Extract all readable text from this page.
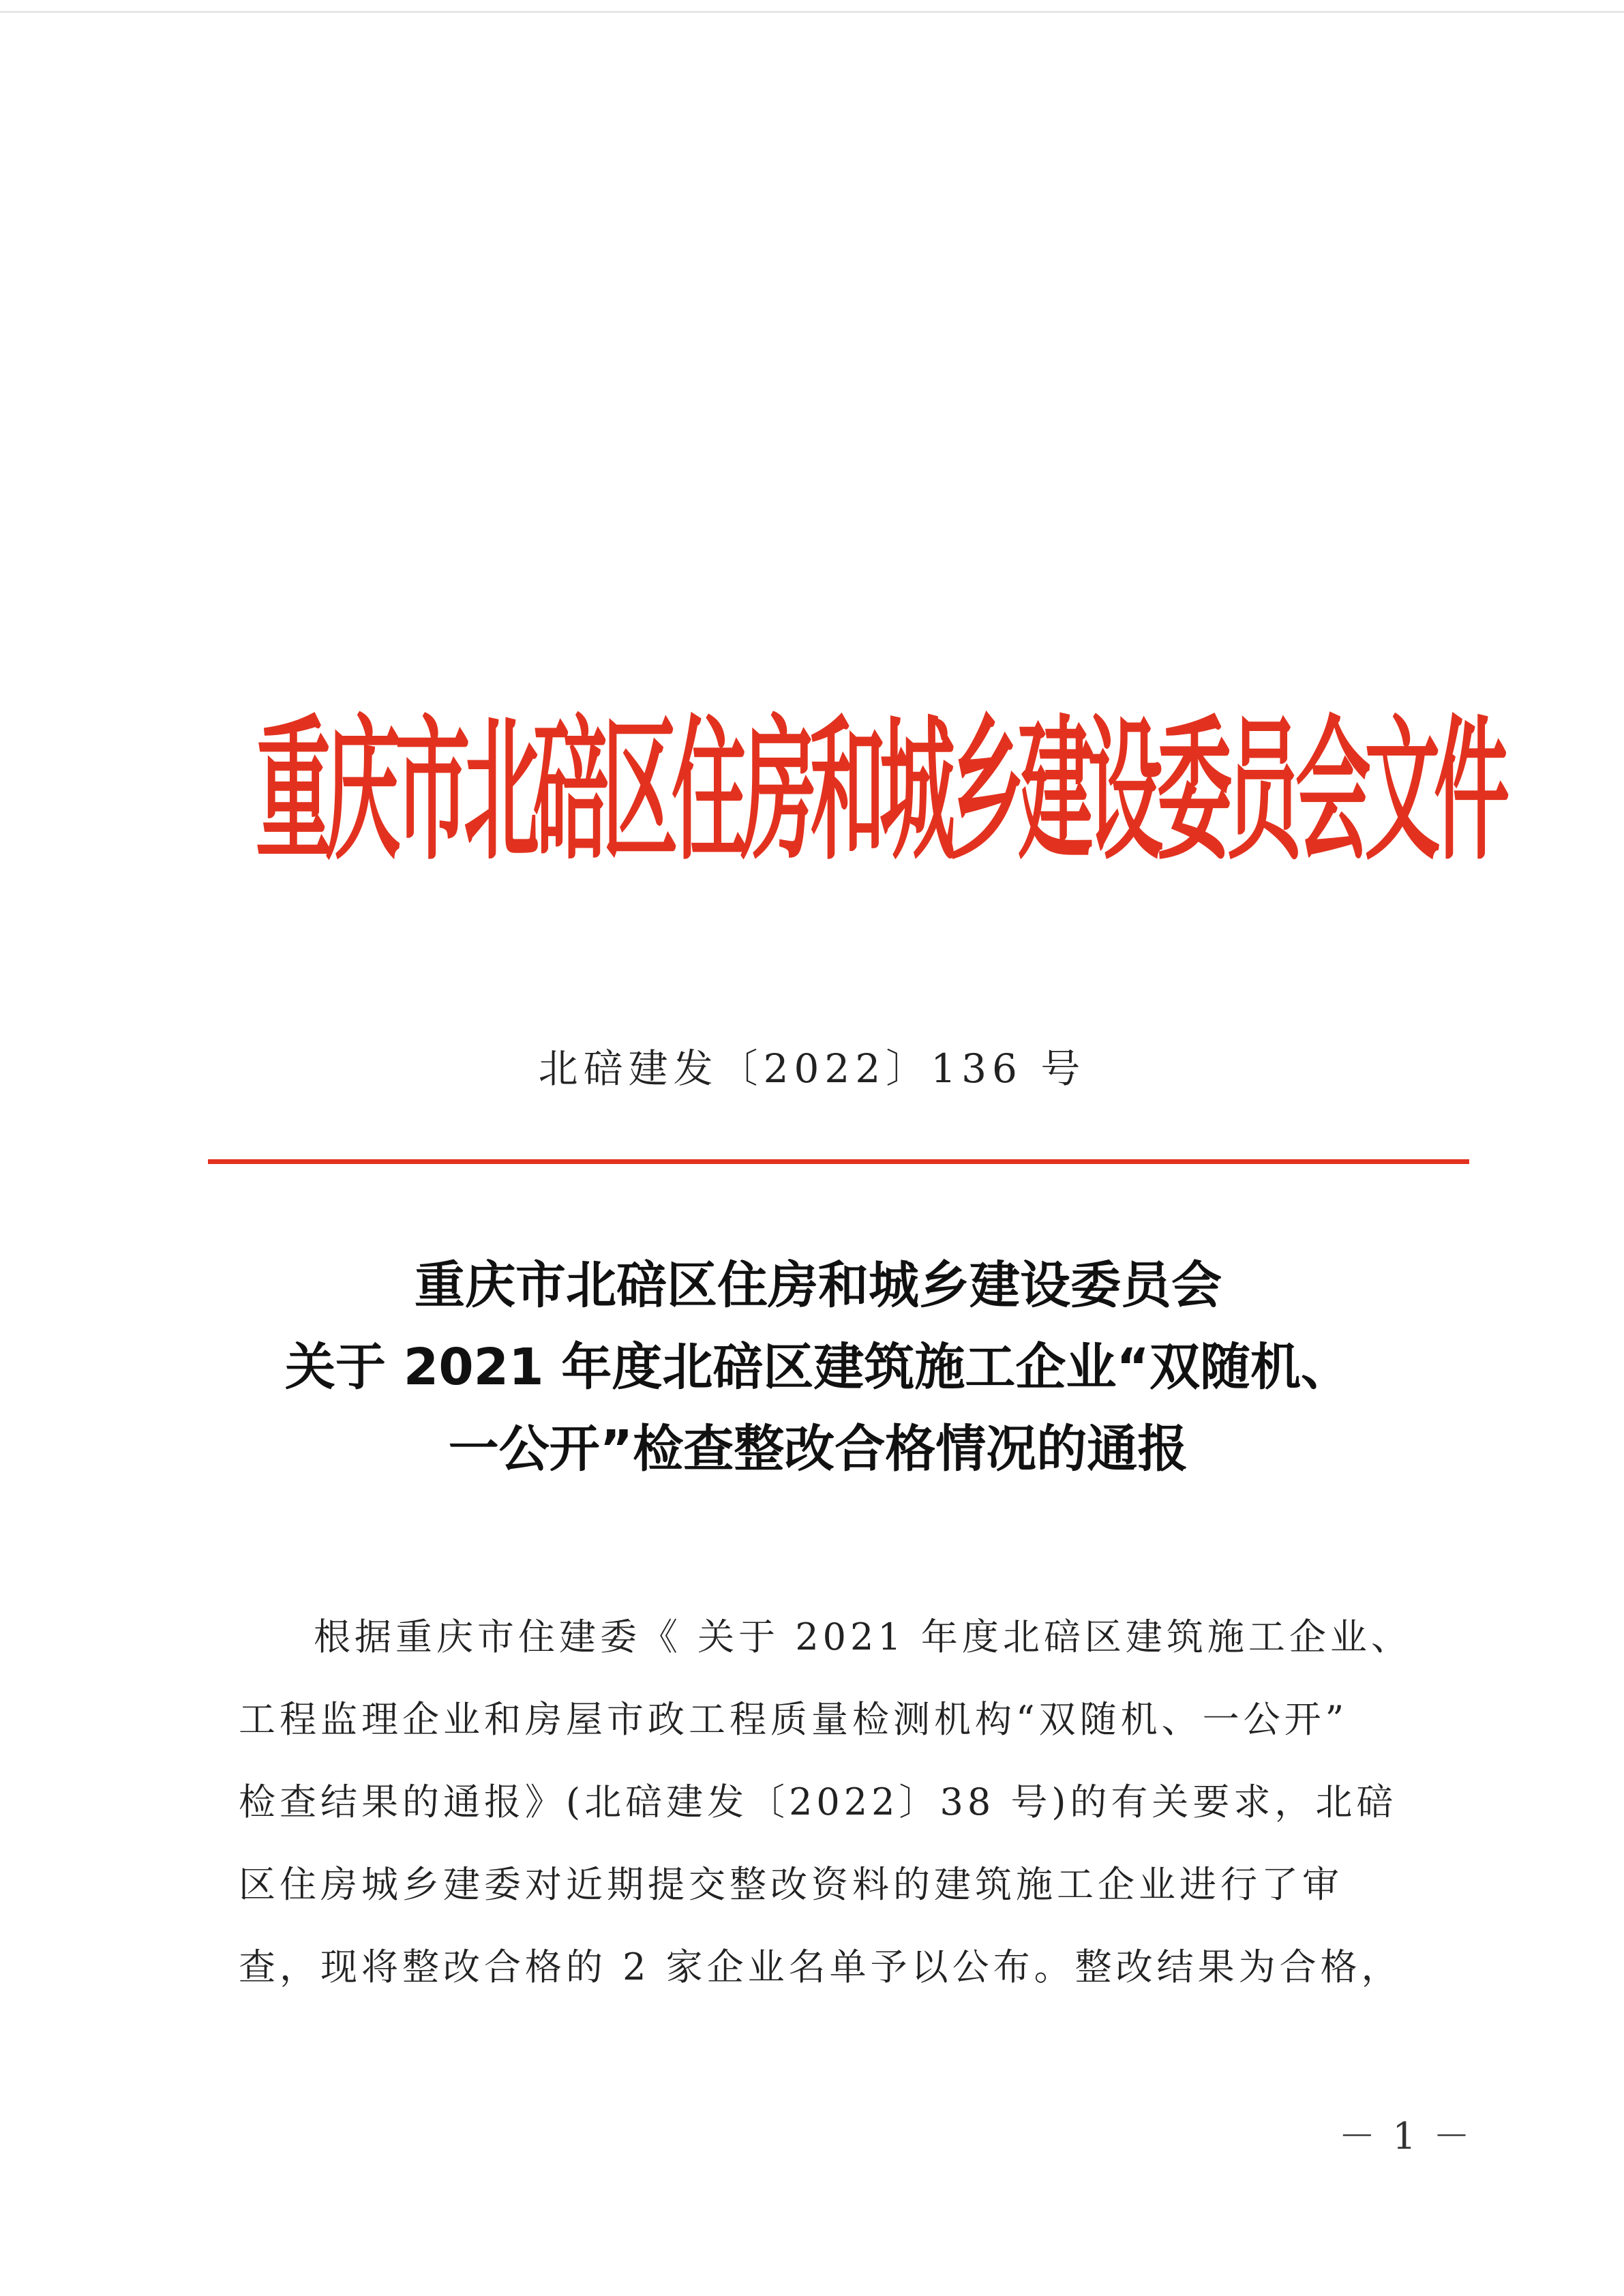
重庆市北碚区住房和城乡建设委员会文件
北碚建发〔2022〕136 号
重庆市北碚区住房和城乡建设委员会
关于 2021 年度北碚区建筑施工企业“双随机、
一公开”检查整改合格情况的通报
根据重庆市住建委《 关于 2021 年度北碚区建筑施工企业、
工程监理企业和房屋市政工程质量检测机构“双随机、一公开”
检查结果的通报》(北碚建发〔2022〕38 号)的有关要求，北碚
区住房城乡建委对近期提交整改资料的建筑施工企业进行了审
查，现将整改合格的 2 家企业名单予以公布。整改结果为合格，
－ 1 －
